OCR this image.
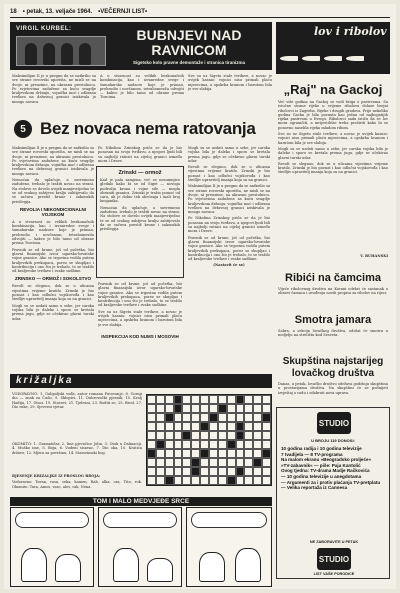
18 • petak, 13. veljače 1964. •VEČERNJI LIST•
VIRGIL KURBEL:	BUBNJEVI NAD RAVNICOM
Sigetsko kolo pravne demontaže i stranica tiranizma

Maksimilijan II je u pregnu da se natkrilio sa sve strane rovovski uporišta, ne misli se na dvoje, ni preuzime, na ukrasnu prestolnicu. Po svjetovima zadužene za kuću svagdje kraljevskom držanju, vojnička moć i odbrana tvrđava na državnoj granici iziskivala je mnogo novaca.

A u stvarnost su velikih bezkonačnih kombinacija, kao i izvanredne svege i šumaharske nadzore koje je primao, prebrodio i novčanom, tetrahomesdu odvojiti — kakvo je bilo tamo od obrane prema Turcima.

Sve su uz Sigetu stale tvrđave, a novac je uvijek kasnio: vojnici nisu primali plaću mjesecima, a opskrba hranom i barutom bila je sve slabija.

5 Bez novaca nema ratovanja

Maksimilijan II je u pregnu da se natkrilio sa sve strane rovovski uporišta, ne misli se na dvoje, ni preuzime, na ukrasnu prestolnicu. Po svjetovima zadužene za kuću svagdje kraljevskom držanju, vojnička moć i odbrana tvrđava na državnoj granici iziskivala je mnogo novaca.

Nemoćan da uplaćuje, a suvremeno zaduženo, trebalo je tražiti novac na strani. Na stolove se dovelo uvijek manjevrijedno te se od svakog zahtjeva kralju zahtijevalo da se sačuva prestiž krune i zakonskih privilegija.

REVOLIA I NEKONDICIONALNI VOJSKOM

A u stvarnost su velikih bezkonačnih kombinacija, kao i izvanredne svege i šumaharske nadzore koje je primao, prebrodio i novčanom, tetrahomesdu odvojiti — kakvo je bilo tamo od obrane prema Turcima.

Pravnik se od krune, još od početka, bio glavni finansijski izvor ugarsko-hrvatske vojne granice. Ako se trgovina vodila putem kraljevskih prekupaca, porez se skupljao i kontribucija i ono što je trebalo, to se tražilo od kraljevske tvrđave i svake sudbine.

ZRINSKO — ORMOŽ I SOKOLSTVO

Revolt se slegnuo, dok se u ulicama vijestima vrijeme kratilo. Zrinski je bio poznat i kao odlučni vojskovođa i kao štedljiv upravitelj imanja koja su na granici.

Mogli su se uzdati samo u sebe, jer carska vojska bila je daleko i sporo se kretala prema jugu, gdje se očekivao glavni turski udar.

Po Nikolina Zrinskog priča se da je bio ponosan na svoju tvrđavu, a njegovi ljudi bili su najbolji ratnici na cijeloj granici između mora i Drave.

Zrinski — ormož

Kad je pala zamjena, već se nesumnjivo gledalo kako bi se od Siget — novoga područja kruna i vojne sile — mogla obraniti granica. Zrinski je tražio pomoć od cara, ali je dobio tek obećanja i mali broj konjanika.

Nemoćan da uplaćuje, a suvremeno zaduženo, trebalo je tražiti novac na strani. Na stolove se dovelo uvijek manjevrijedno te se od svakog zahtjeva kralju zahtijevalo da se sačuva prestiž krune i zakonskih privilegija.

Pravnik se od krune, još od početka, bio glavni finansijski izvor ugarsko-hrvatske vojne granice. Ako se trgovina vodila putem kraljevskih prekupaca, porez se skupljao i kontribucija i ono što je trebalo, to se tražilo od kraljevske tvrđave i svake sudbine.

Sve su uz Sigetu stale tvrđave, a novac je uvijek kasnio: vojnici nisu primali plaću mjesecima, a opskrba hranom i barutom bila je sve slabija.

Mogli su se uzdati samo u sebe, jer carska vojska bila je daleko i sporo se kretala prema jugu, gdje se očekivao glavni turski udar.

Revolt se slegnuo, dok se u ulicama vijestima vrijeme kratilo. Zrinski je bio poznat i kao odlučni vojskovođa i kao štedljiv upravitelj imanja koja su na granici.

Maksimilijan II je u pregnu da se natkrilio sa sve strane rovovski uporišta, ne misli se na dvoje, ni preuzime, na ukrasnu prestolnicu. Po svjetovima zadužene za kuću svagdje kraljevskom držanju, vojnička moć i odbrana tvrđava na državnoj granici iziskivala je mnogo novaca.

Po Nikolina Zrinskog priča se da je bio ponosan na svoju tvrđavu, a njegovi ljudi bili su najbolji ratnici na cijeloj granici između mora i Drave.

Pravnik se od krune, još od početka, bio glavni finansijski izvor ugarsko-hrvatske vojne granice. Ako se trgovina vodila putem kraljevskih prekupaca, porez se skupljao i kontribucija i ono što je trebalo, to se tražilo od kraljevske tvrđave i svake sudbine.

(Nastavit će se)

INSPEKCIJA KOD NUMS I MOSOVIH
lov i ribolov
„Raj" na Gackoj

Već više godina na Gackoj se vodi briga o pastrvama. Sa istočne strane rijeke u vrijeme ribolova dolaze brojni ribolovci iz Zagreba, Rijeke i drugih gradova. Prije nekoliko godina Gacka je bila poznata kao jedna od najbogatijih rijeka pastrvom u Evropi. Ribolovci sada ističu da se lov mora ograničiti, a mrijestilište treba proširiti kako bi se ponovno naselila rijeka mladom ribom.

Sve su uz Sigetu stale tvrđave, a novac je uvijek kasnio: vojnici nisu primali plaću mjesecima, a opskrba hranom i barutom bila je sve slabija.

Mogli su se uzdati samo u sebe, jer carska vojska bila je daleko i sporo se kretala prema jugu, gdje se očekivao glavni turski udar.

Revolt se slegnuo, dok se u ulicama vijestima vrijeme kratilo. Zrinski je bio poznat i kao odlučni vojskovođa i kao štedljiv upravitelj imanja koja su na granici.

V. BUHANSKI
Ribići na čamcima

Vijeće ribolovnog društva na Korani održat će sastanak o obnovi čamaca i uvođenju novih propisa za ribolov na rijeci.

Smotra jamara

Sabra, a sekcija lovačkog društva, održat će smotru u nedjelju na strelištu kod Sesveta.

Skupština najstarijeg lovačkog društva

Danas, u petak, lovačko društvo održava godišnju skupštinu u prostorijama društva. Na skupštini će se podnijeti izvještaj o radu i odabrati nova uprava.

STUDIO
U BROJU 119 DONOSI:
10 godina radija i 10 godina televizije
7 tvadijela — 8 TV-programa
Na malom ekranu »Beogradsko proljeće«
»TV-zabavnik« — piše: Paja Kantolić
Ovog tjedna: TV-drama Madje Račkovića
— 10 godina televizije u anegdotama
— Argumenti za i protiv plaćanja TV-pretplatu
— Velika reportaža iz Cannesa
NE ZABORAVITE U PETAK
STUDIO
LIST VAŠE PORODICE
križaljka

VODORAVNO: 1. Galipoljski vođa, autor romana Putovanje, 8. Gornji dio — znak za Čudo, 9. Sklopivi, 11. Dubrovački pjesnik, 15. Kralj Hadija, 17. Otoci, 19. Stavovi, 21. Tjelesni, 23. Roditi se, 25. Brod, 27. Dio ruke, 29. Sjeverni vjetar.

OKOMITO: 1. Gramatičar, 2. Ime pjevačice Jolin, 3. Otok u Dalmaciji, 4. Muško ime, 5. Boja, 6. Vodeni sisavac, 7. Dio oka, 10. Kratica države, 12. Mjera za površinu, 14. Starorimski bog.

RJEŠENJE KRIŽALJKE IZ PROŠLOG BROJA:

Vodoravno: Tavan, rasa, seka, kamen, Rab, alka, ora, Tito, rok. Okomito: Tara, Amos, varo, ales, rak, Nena.

TOM I MALO MEDVJEĐE SRCE
